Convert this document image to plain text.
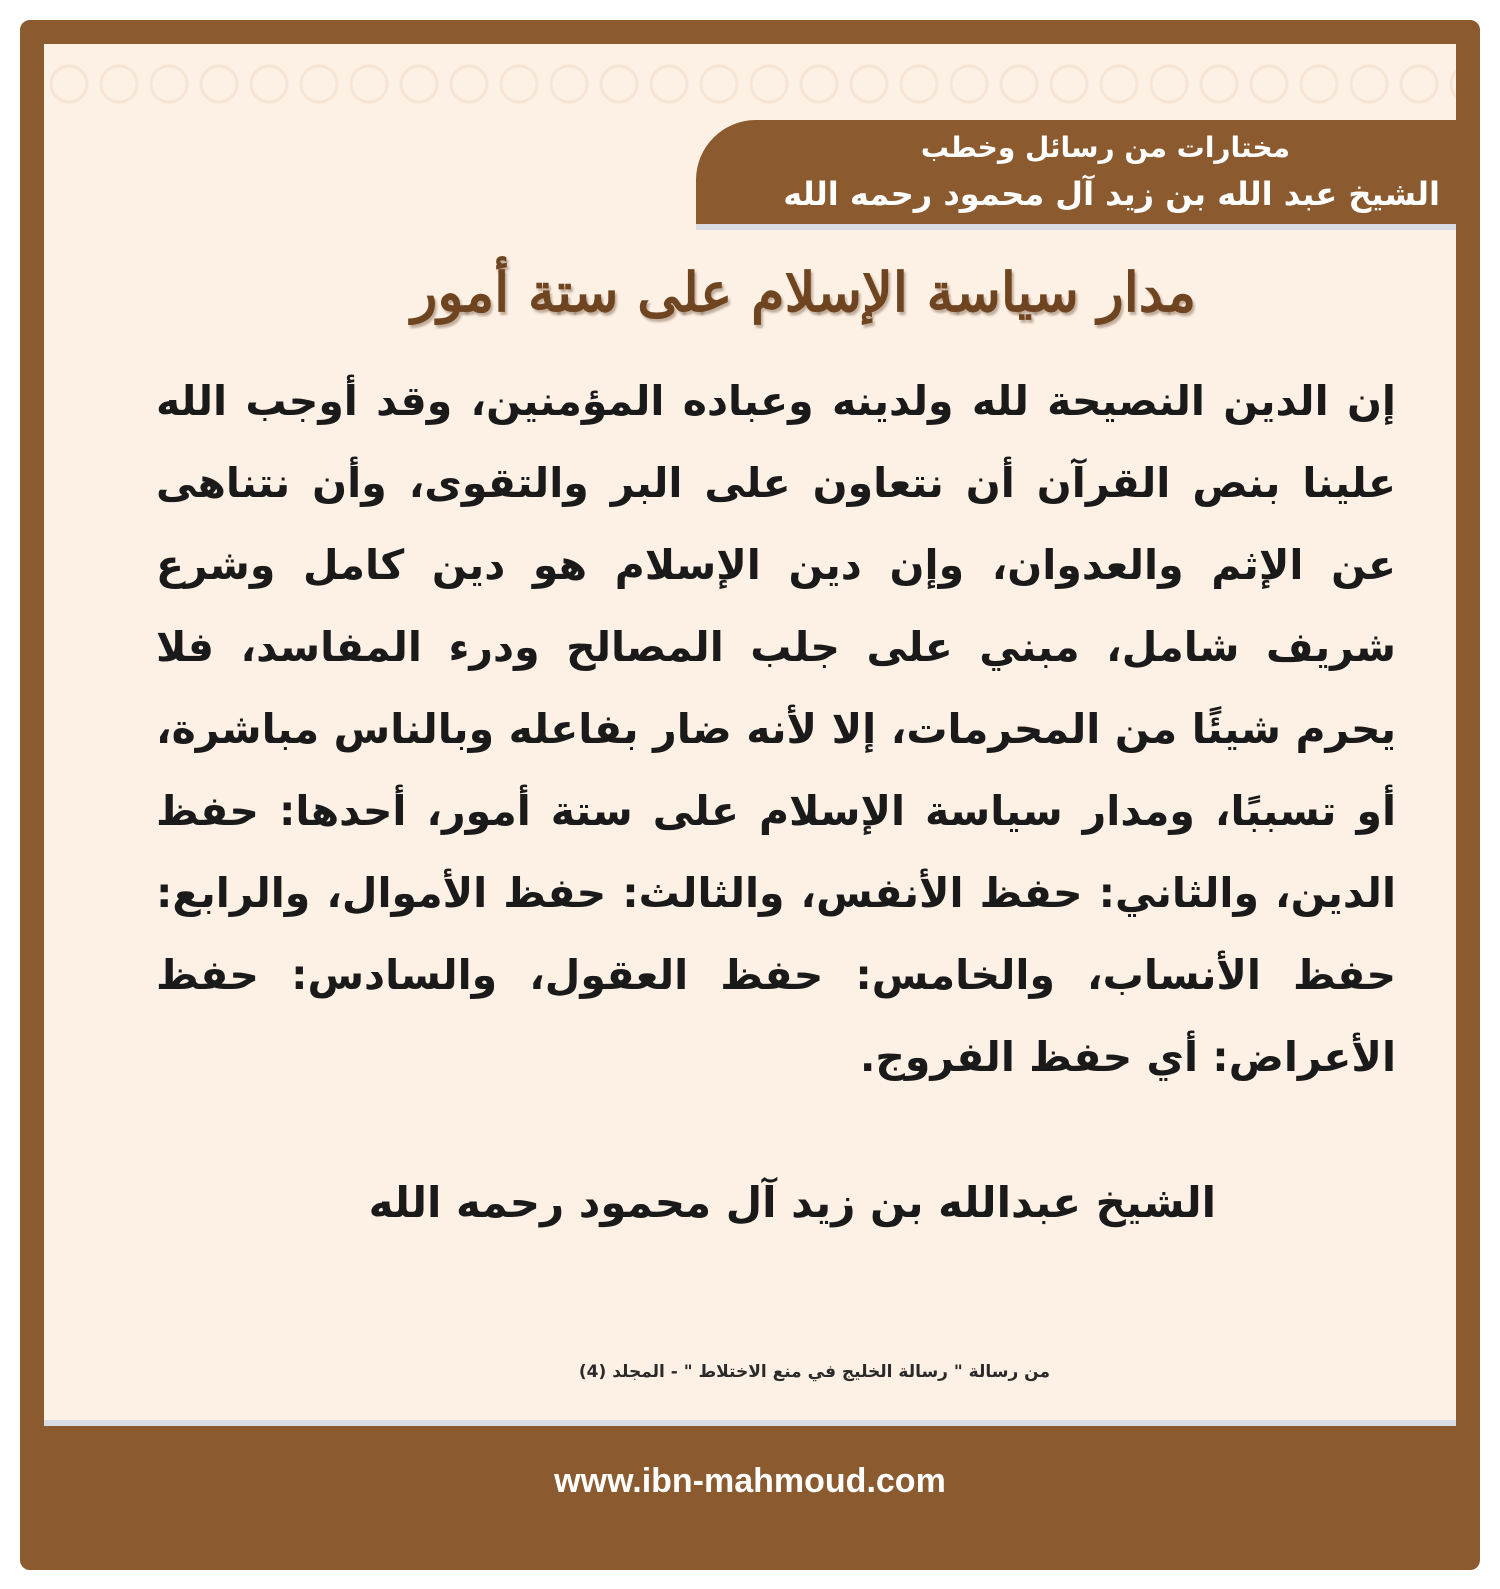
مختارات من رسائل وخطب
الشيخ عبد الله بن زيد آل محمود رحمه الله
مدار سياسة الإسلام على ستة أمور
إن الدين النصيحة لله ولدينه وعباده المؤمنين، وقد أوجب الله علينا بنص القرآن أن نتعاون على البر والتقوى، وأن نتناهى عن الإثم والعدوان، وإن دين الإسلام هو دين كامل وشرع شريف شامل، مبني على جلب المصالح ودرء المفاسد، فلا يحرم شيئًا من المحرمات، إلا لأنه ضار بفاعله وبالناس مباشرة، أو تسببًا، ومدار سياسة الإسلام على ستة أمور، أحدها: حفظ الدين، والثاني: حفظ الأنفس، والثالث: حفظ الأموال، والرابع: حفظ الأنساب، والخامس: حفظ العقول، والسادس: حفظ الأعراض: أي حفظ الفروج.
الشيخ عبدالله بن زيد آل محمود رحمه الله
من رسالة " رسالة الخليج في منع الاختلاط " - المجلد (4)
www.ibn-mahmoud.com
